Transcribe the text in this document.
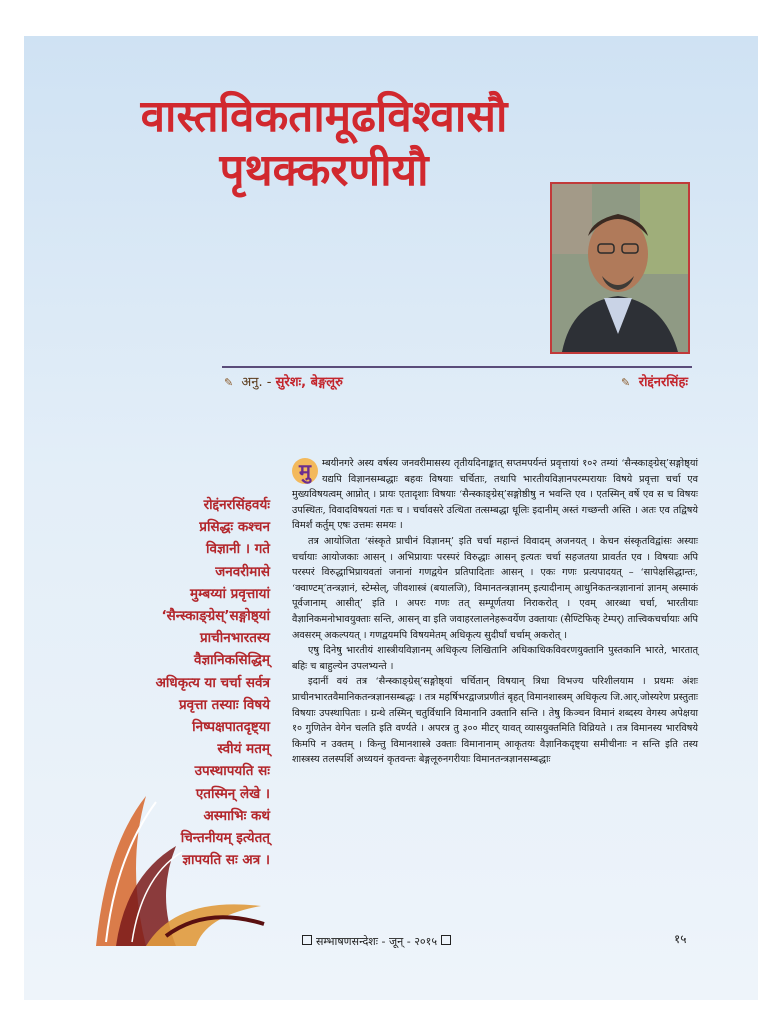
वास्तविकतामूढविश्वासौ
पृथक्करणीयौ
✎ अनु. - सुरेशः, बेङ्गलूरु	✎ रोद्दंनरसिंहः

रोद्दंनरसिंहवर्यः
प्रसिद्धः कश्चन
विज्ञानी । गते
जनवरीमासे
मुम्बय्यां प्रवृत्तायां
‘सैन्स्काङ्ग्रेस्’सङ्गोष्ठ्यां
प्राचीनभारतस्य
वैज्ञानिकसिद्धिम्
अधिकृत्य या चर्चा सर्वत्र
प्रवृत्ता तस्याः विषये
निष्पक्षपातदृष्ट्या
स्वीयं मतम्
उपस्थापयति सः
एतस्मिन् लेखे ।
अस्माभिः कथं
चिन्तनीयम् इत्येतत्
ज्ञापयति सः अत्र ।

मु	म्बयीनगरे अस्य वर्षस्य जनवरीमासस्य तृतीयदिनाङ्कात् सप्तमपर्यन्तं प्रवृत्तायां १०२ तम्यां ‘सैन्स्काङ्ग्रेस्’सङ्गोष्ठ्यां यद्यपि विज्ञानसम्बद्धाः बहवः विषयाः चर्चिताः, तथापि भारतीयविज्ञानपरम्परायाः विषये प्रवृत्ता चर्चा एव मुख्यविषयत्वम् आप्नोत् । प्रायः एतादृशाः विषयाः ‘सैन्स्काङ्ग्रेस्’सङ्गोष्ठीषु न भवन्ति एव । एतस्मिन् वर्षे एव स च विषयः उपस्थितः, विवादविषयतां गतः च । चर्चावसरे उत्थिता तत्सम्बद्धा धूलिः इदानीम् अस्तं गच्छन्ती अस्ति । अतः एव तद्विषये विमर्शं कर्तुम् एषः उत्तमः समयः ।

तत्र आयोजिता ‘संस्कृते प्राचीनं विज्ञानम्’ इति चर्चा महान्तं विवादम् अजनयत् । केचन संस्कृतविद्वांसः अस्याः चर्चायाः आयोजकाः आसन् । अभिप्रायाः परस्परं विरुद्धाः आसन् इत्यतः चर्चा सहजतया प्रावर्तत एव । विषयाः अपि परस्परं विरुद्धाभिप्रायवतां जनानां गणद्वयेन प्रतिपादिताः आसन् । एकः गणः प्रत्यपादयत् – ‘सापेक्षसिद्धान्तः, ‘क्वाण्टम्’तन्त्रज्ञानं, स्टेम्सेल्, जीवशास्त्रं (बयालजि), विमानतन्त्रज्ञानम् इत्यादीनाम् आधुनिकतन्त्रज्ञानानां ज्ञानम् अस्माकं पूर्वजानाम् आसीत्’ इति । अपरः गणः तत् सम्पूर्णतया निराकरोत् । एवम् आरब्धा चर्चा, भारतीयाः वैज्ञानिकमनोभावयुक्ताः सन्ति, आसन् वा इति जवाहरलालनेहरूवर्येण उक्तायाः (सैण्टिफिक् टेम्पर्) तात्त्विकचर्चायाः अपि अवसरम् अकल्पयत् । गणद्वयमपि विषयमेतम् अधिकृत्य सुदीर्घां चर्चाम् अकरोत् ।

एषु दिनेषु भारतीयं शास्त्रीयविज्ञानम् अधिकृत्य लिखितानि अधिकाधिकविवरणयुक्तानि पुस्तकानि भारते, भारतात् बहिः च बाहुल्येन उपलभ्यन्ते ।

इदानीं वयं तत्र ‘सैन्स्काङ्ग्रेस्’सङ्गोष्ठ्यां चर्चितान् विषयान् त्रिधा विभज्य परिशीलयाम । प्रथमः अंशः प्राचीनभारतवैमानिकतन्त्रज्ञानसम्बद्धः । तत्र महर्षिभरद्वाजप्रणीतं बृहत् विमानशास्त्रम् अधिकृत्य जि.आर्.जोस्यरेण प्रस्तुताः विषयाः उपस्थापिताः । ग्रन्थे तस्मिन् चतुर्विधानि विमानानि उक्तानि सन्ति । तेषु किञ्चन विमानं शब्दस्य वेगस्य अपेक्षया १० गुणितेन वेगेन चलति इति वर्ण्यते । अपरत्र तु ३०० मीटर् यावत् व्यासयुक्तमिति विव्रियते । तत्र विमानस्य भारविषये किमपि न उक्तम् । किन्तु विमानशास्त्रे उक्ताः विमानानाम् आकृतयः वैज्ञानिकदृष्ट्या समीचीनाः न सन्ति इति तस्य शास्त्रस्य तलस्पर्शि अध्ययनं कृतवन्तः बेङ्गलूरुनगरीयाः विमानतन्त्रज्ञानसम्बद्धाः

सम्भाषणसन्देशः - जून् - २०१५	१५
